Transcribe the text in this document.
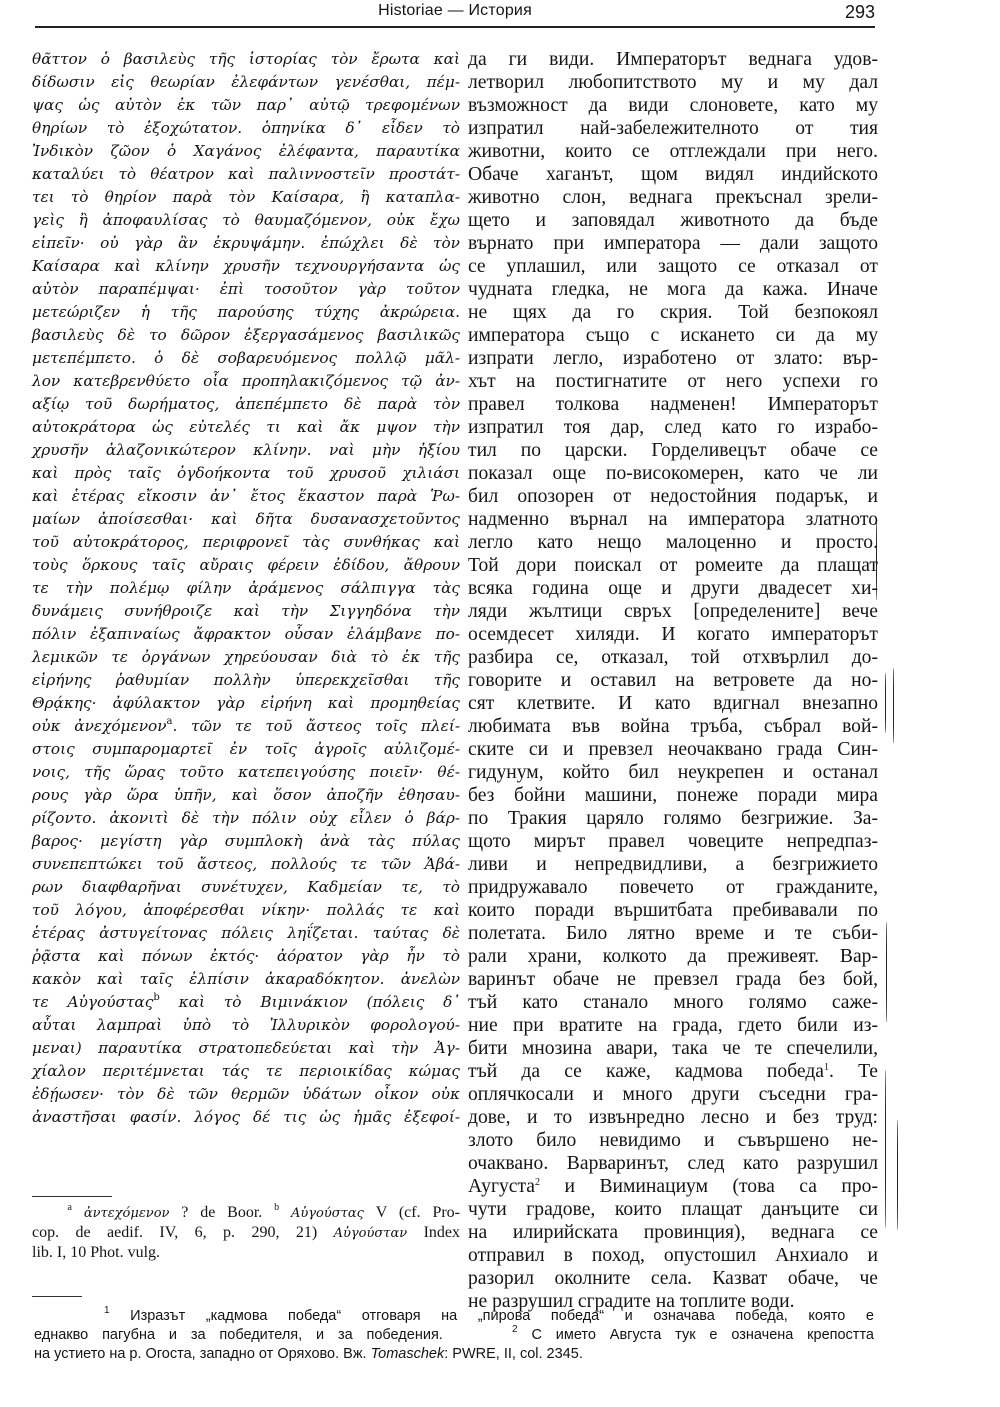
Historiae — История	293
θᾶττον ὁ βασιλεὺς τῆς ἱστορίας τὸν ἔρωτα καὶ
δίδωσιν εἰς θεωρίαν ἐλεφάντων γενέσθαι, πέμ-
ψας ὡς αὐτὸν ἐκ τῶν παρ᾽ αὐτῷ τρεφομένων
θηρίων τὸ ἐξοχώτατον. ὁπηνίκα δ᾽ εἶδεν τὸ
Ἰνδικὸν ζῶον ὁ Χαγάνος ἐλέφαντα, παραυτίκα
καταλύει τὸ θέατρον καὶ παλιννοστεῖν προστάτ-
τει τὸ θηρίον παρὰ τὸν Καίσαρα, ἢ καταπλα-
γεὶς ἢ ἀποφαυλίσας τὸ θαυμαζόμενον, οὐκ ἔχω
εἰπεῖν· οὐ γὰρ ἂν ἐκρυψάμην. ἐπώχλει δὲ τὸν
Καίσαρα καὶ κλίνην χρυσῆν τεχνουργήσαντα ὡς
αὐτὸν παραπέμψαι· ἐπὶ τοσοῦτον γὰρ τοῦτον
μετεώριζεν ἡ τῆς παρούσης τύχης ἀκρώρεια.
βασιλεὺς δὲ το δῶρον ἐξεργασάμενος βασιλικῶς
μετεπέμπετο. ὁ δὲ σοβαρευόμενος πολλῷ μᾶλ-
λον κατεβρενθύετο οἷα προπηλακιζόμενος τῷ ἀν-
αξίῳ τοῦ δωρήματος, ἀπεπέμπετο δὲ παρὰ τὸν
αὐτοκράτορα ὡς εὐτελές τι καὶ ἄκ μψον τὴν
χρυσῆν ἀλαζονικώτερον κλίνην. ναὶ μὴν ἠξίου
καὶ πρὸς ταῖς ὀγδοήκοντα τοῦ χρυσοῦ χιλιάσι
καὶ ἑτέρας εἴκοσιν ἀν᾽ ἔτος ἕκαστον παρὰ Ῥω-
μαίων ἀποίσεσθαι· καὶ δῆτα δυσανασχετοῦντος
τοῦ αὐτοκράτορος, περιφρονεῖ τὰς συνθήκας καὶ
τοὺς ὅρκους ταῖς αὔραις φέρειν ἐδίδου, ἄθρουν
τε τὴν πολέμῳ φίλην ἀράμενος σάλπιγγα τὰς
δυνάμεις συνήθροιζε καὶ τὴν Σιγγηδόνα τὴν
πόλιν ἐξαπιναίως ἄφρακτον οὖσαν ἐλάμβανε πο-
λεμικῶν τε ὀργάνων χηρεύουσαν διὰ τὸ ἐκ τῆς
εἰρήνης ῥαθυμίαν πολλὴν ὑπερεκχεῖσθαι τῆς
Θρᾴκης· ἀφύλακτον γὰρ εἰρήνη καὶ προμηθείας
οὐκ ἀνεχόμενον$^a$. τῶν τε τοῦ ἄστεος τοῖς πλεί-
στοις συμπαρομαρτεῖ ἐν τοῖς ἀγροῖς αὐλιζομέ-
νοις, τῆς ὥρας τοῦτο κατεπειγούσης ποιεῖν· θέ-
ρους γὰρ ὥρα ὑπῆν, καὶ ὅσον ἀποζῆν ἐθησαυ-
ρίζοντο. ἀκονιτὶ δὲ τὴν πόλιν οὐχ εἷλεν ὁ βάρ-
βαρος· μεγίστη γὰρ συμπλοκὴ ἀνὰ τὰς πύλας
συνεπεπτώκει τοῦ ἄστεος, πολλούς τε τῶν Ἀβά-
ρων διαφθαρῆναι συνέτυχεν, Καδμείαν τε, τὸ
τοῦ λόγου, ἀποφέρεσθαι νίκην· πολλάς τε καὶ
ἑτέρας ἀστυγείτονας πόλεις ληΐζεται. ταύτας δὲ
ῥᾷστα καὶ πόνων ἐκτός· ἀόρατον γὰρ ἦν τὸ
κακὸν καὶ ταῖς ἐλπίσιν ἀκαραδόκητον. ἀνελὼν
τε Αὐγούστας$^b$ καὶ τὸ Βιμινάκιον (πόλεις δ᾽
αὗται λαμπραὶ ὑπὸ τὸ Ἰλλυρικὸν φορολογού-
μεναι) παραυτίκα στρατοπεδεύεται καὶ τὴν Ἀγ-
χίαλον περιτέμνεται τάς τε περιοικίδας κώμας
ἐδῄωσεν· τὸν δὲ τῶν θερμῶν ὑδάτων οἶκον οὐκ
ἀναστῆσαι φασίν. λόγος δέ τις ὡς ἡμᾶς ἐξεφοί-
да ги види. Императорът веднага удов-
летворил любопитството му и му дал
възможност да види слоновете, като му
изпратил най-забележителното от тия
животни, които се отглеждали при него.
Обаче хаганът, щом видял индийското
животно слон, веднага прекъснал зрели-
щето и заповядал животното да бъде
върнато при императора — дали защото
се уплашил, или защото се отказал от
чудната гледка, не мога да кажа. Иначе
не щях да го скрия. Той безпокоял
императора също с искането си да му
изпрати легло, изработено от злато: вър-
хът на постигнатите от него успехи го
правел толкова надменен! Императорът
изпратил тоя дар, след като го израбо-
тил по царски. Горделивецът обаче се
показал още по-високомерен, като че ли
бил опозорен от недостойния подарък, и
надменно върнал на императора златното
легло като нещо малоценно и просто.
Той дори поискал от ромеите да плащат
всяка година още и други двадесет хи-
ляди жълтици свръх [определените] вече
осемдесет хиляди. И когато императорът
разбира се, отказал, той отхвърлил до-
говорите и оставил на ветровете да но-
сят клетвите. И като вдигнал внезапно
любимата във война тръба, събрал вой-
ските си и превзел неочаквано града Син-
гидунум, който бил неукрепен и останал
без бойни машини, понеже поради мира
по Тракия царяло голямо безгрижие. За-
щото мирът правел човеците непредпаз-
ливи и непредвидливи, а безгрижието
придружавало повечето от гражданите,
които поради вършитбата пребивавали по
полетата. Било лятно време и те съби-
рали храни, колкото да преживеят. Вар-
варинът обаче не превзел града без бой,
тъй като станало много голямо саже-
ние при вратите на града, гдето били из-
бити мнозина авари, така че те спечелили,
тъй да се каже, кадмова победа$^1$. Те
оплячкосали и много други съседни гра-
дове, и то извънредно лесно и без труд:
злото било невидимо и съвършено не-
очаквано. Варваринът, след като разрушил
Аугуста$^2$ и Виминациум (това са про-
чути градове, които плащат данъците си
на илирийската провинция), веднага се
отправил в поход, опустошил Анхиало и
разорил околните села. Казват обаче, че
не разрушил сградите на топлите води.
$^a$ ἀντεχόμενον ? de Boor. $^b$ Αὐγούστας V (cf. Pro-
cop. de aedif. IV, 6, p. 290, 21) Αὐγούσταν Index
lib. I, 10 Phot. vulg.
$^1$ Изразът „кадмова победа“ отговаря на „пирова победа“ и означава победа, която е
еднакво пагубна и за победителя, и за победения.	$^2$ С името Августа тук е означена крепостта
на устието на р. Огоста, западно от Оряхово. Вж. Tomaschek: PWRE, II, col. 2345.
